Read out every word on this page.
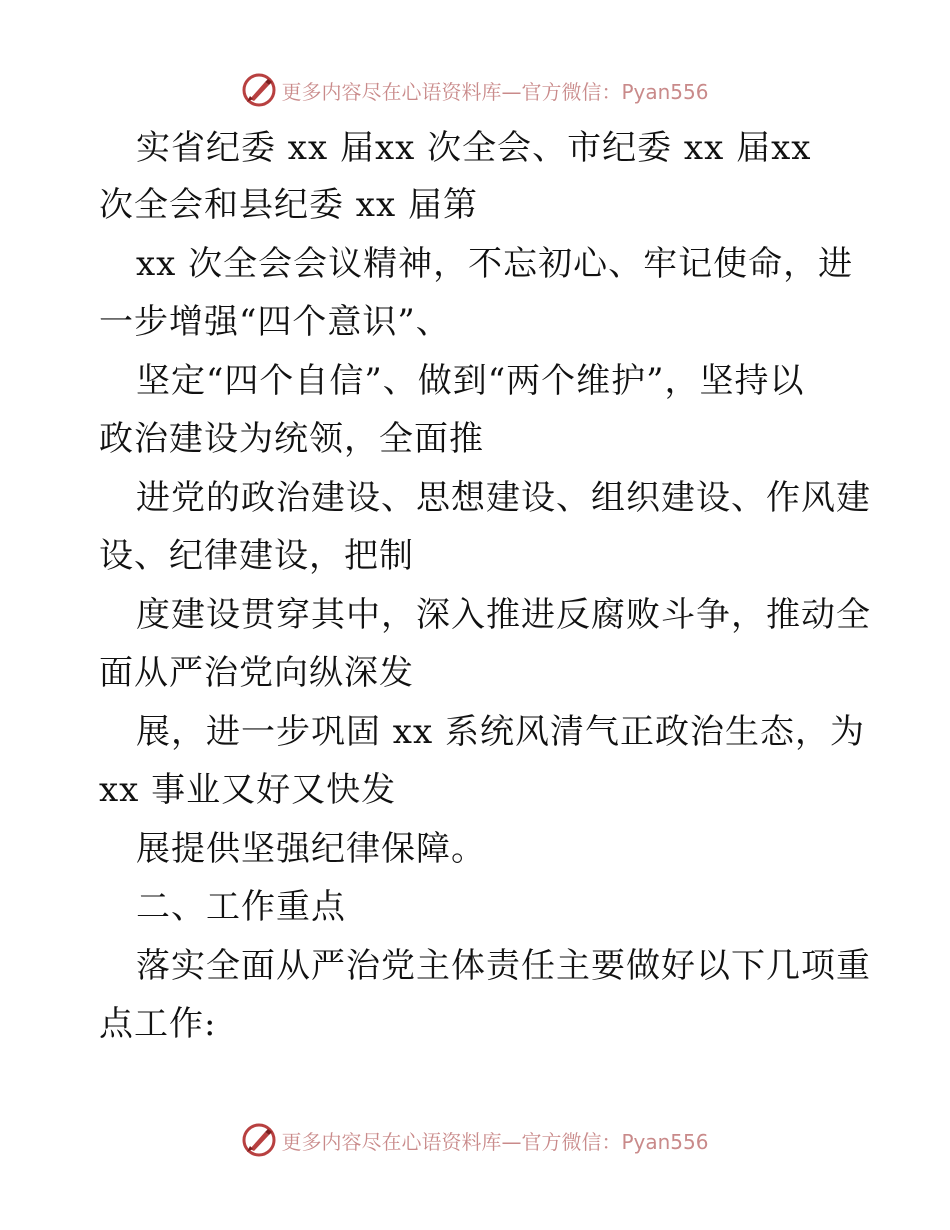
更多内容尽在心语资料库—官方微信：Pyan556
实省纪委 xx 届xx 次全会、市纪委 xx 届xx
次全会和县纪委 xx 届第
xx 次全会会议精神，不忘初心、牢记使命，进
一步增强“四个意识”、
坚定“四个自信”、做到“两个维护”，坚持以
政治建设为统领，全面推
进党的政治建设、思想建设、组织建设、作风建
设、纪律建设，把制
度建设贯穿其中，深入推进反腐败斗争，推动全
面从严治党向纵深发
展，进一步巩固 xx 系统风清气正政治生态，为
xx 事业又好又快发
展提供坚强纪律保障。
二、工作重点
落实全面从严治党主体责任主要做好以下几项重
点工作:
更多内容尽在心语资料库—官方微信：Pyan556
